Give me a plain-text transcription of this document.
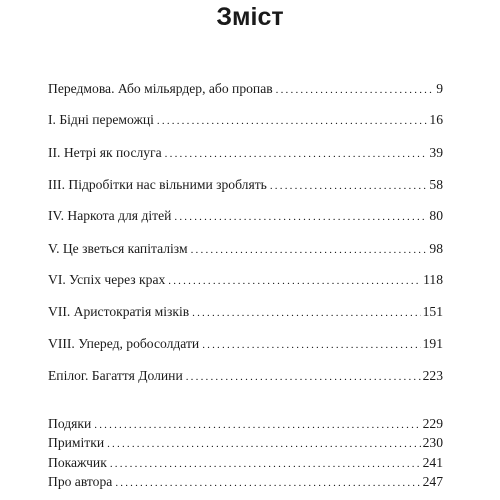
Зміст
Передмова. Або мільярдер, або пропав .....	9
I. Бідні переможці .....	16
II. Нетрі як послуга .....	39
III. Підробітки нас вільними зроблять .....	58
IV. Наркота для дітей .....	80
V. Це зветься капіталізм .....	98
VI. Успіх через крах .....	118
VII. Аристократія мізків .....	151
VIII. Уперед, робосолдати .....	191
Епілог. Багаття Долини .....	223
Подяки .....	229
Примітки .....	230
Покажчик .....	241
Про автора .....	247
